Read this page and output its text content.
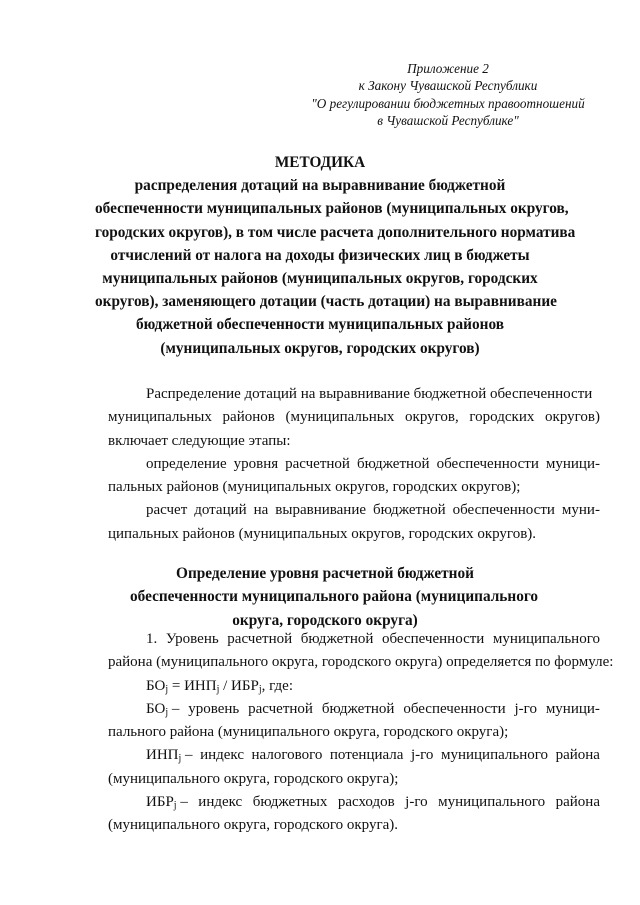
Приложение 2
к Закону Чувашской Республики
"О регулировании бюджетных правоотношений
в Чувашской Республике"
МЕТОДИКА
распределения дотаций на выравнивание бюджетной
обеспеченности муниципальных районов (муниципальных округов,
городских округов), в том числе расчета дополнительного норматива
отчислений от налога на доходы физических лиц в бюджеты
муниципальных районов (муниципальных округов, городских
округов), заменяющего дотации (часть дотации) на выравнивание
бюджетной обеспеченности муниципальных районов
(муниципальных округов, городских округов)
Распределение дотаций на выравнивание бюджетной обеспеченности
муниципальных районов (муниципальных округов, городских округов)
включает следующие этапы:
определение уровня расчетной бюджетной обеспеченности муници-
пальных районов (муниципальных округов, городских округов);
расчет дотаций на выравнивание бюджетной обеспеченности муни-
ципальных районов (муниципальных округов, городских округов).
Определение уровня расчетной бюджетной
обеспеченности муниципального района (муниципального
округа, городского округа)
1. Уровень расчетной бюджетной обеспеченности муниципального
района (муниципального округа, городского округа) определяется по формуле:
$БО_j = ИНП_j / ИБР_j$, где:
$БО_j$ – уровень расчетной бюджетной обеспеченности j-го муници-
пального района (муниципального округа, городского округа);
$ИНП_j$ – индекс налогового потенциала j-го муниципального района
(муниципального округа, городского округа);
$ИБР_j$ – индекс бюджетных расходов j-го муниципального района
(муниципального округа, городского округа).
